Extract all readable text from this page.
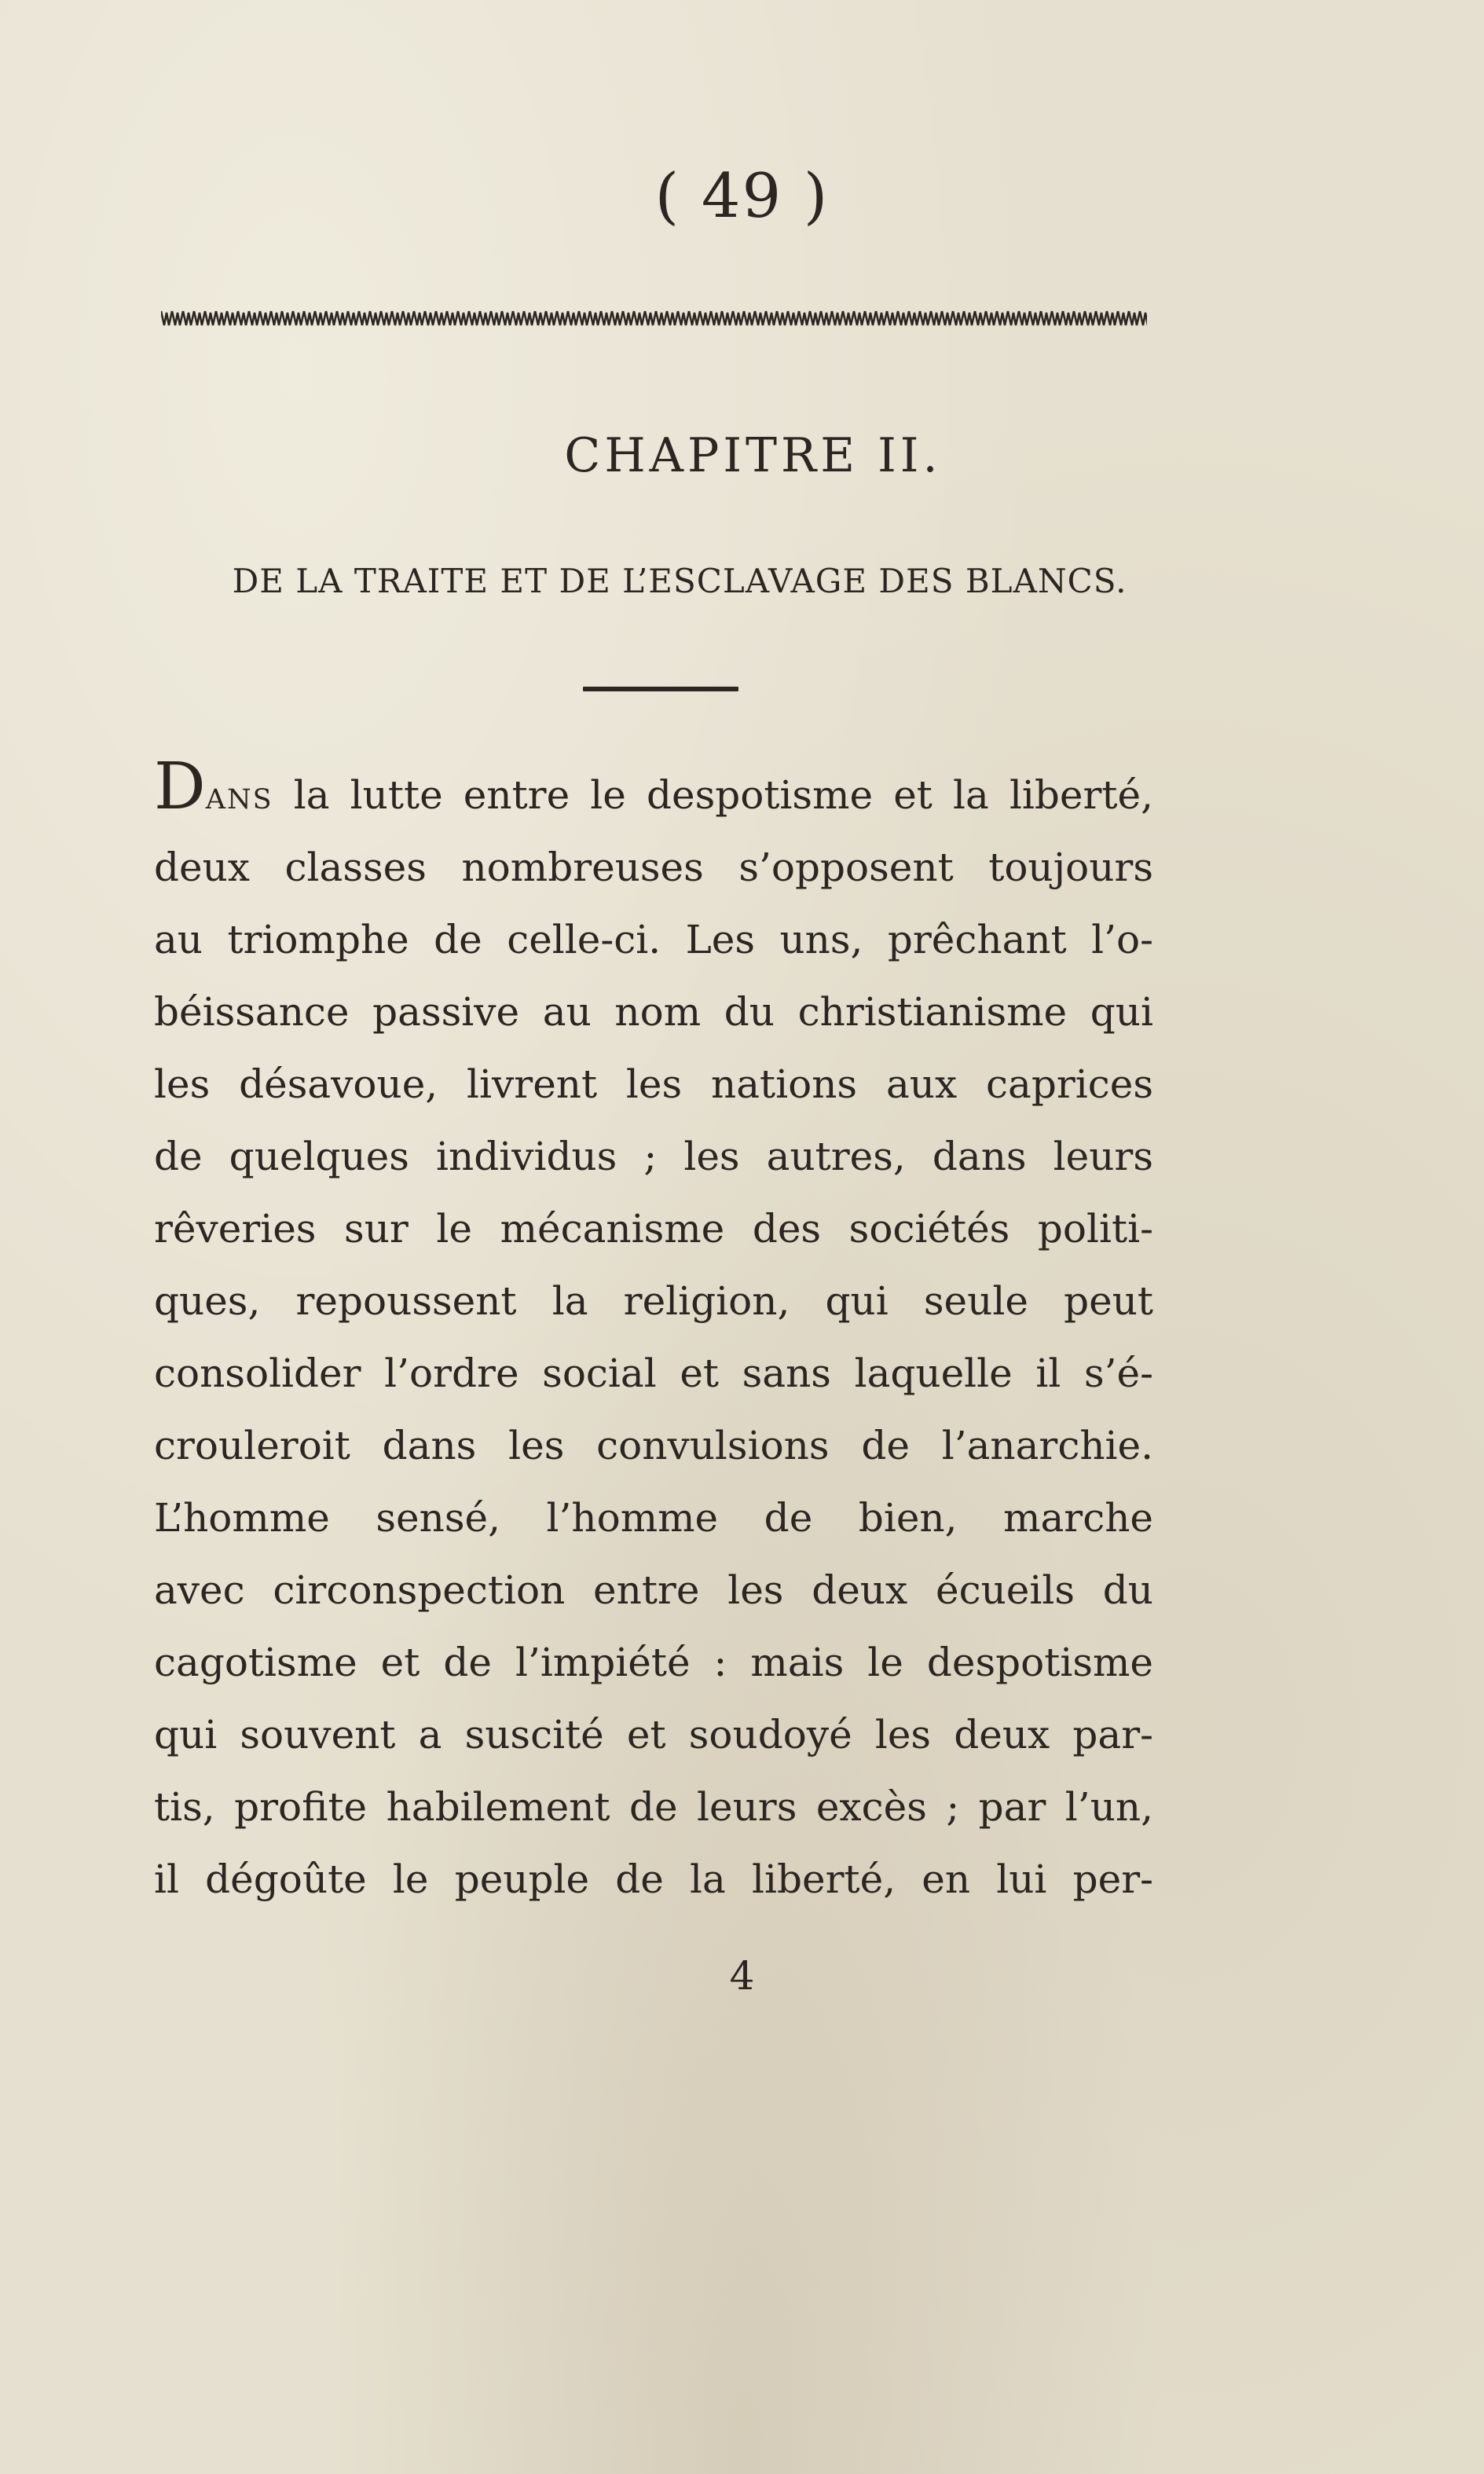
( 49 )
CHAPITRE II.
DE LA TRAITE ET DE L’ESCLAVAGE DES BLANCS.
DANS la lutte entre le despotisme et la liberté,
deux classes nombreuses s’opposent toujours
au triomphe de celle-ci. Les uns, prêchant l’o-
béissance passive au nom du christianisme qui
les désavoue, livrent les nations aux caprices
de quelques individus ; les autres, dans leurs
rêveries sur le mécanisme des sociétés politi-
ques, repoussent la religion, qui seule peut
consolider l’ordre social et sans laquelle il s’é-
crouleroit dans les convulsions de l’anarchie.
L’homme sensé, l’homme de bien, marche
avec circonspection entre les deux écueils du
cagotisme et de l’impiété : mais le despotisme
qui souvent a suscité et soudoyé les deux par-
tis, profite habilement de leurs excès ; par l’un,
il dégoûte le peuple de la liberté, en lui per-
4
